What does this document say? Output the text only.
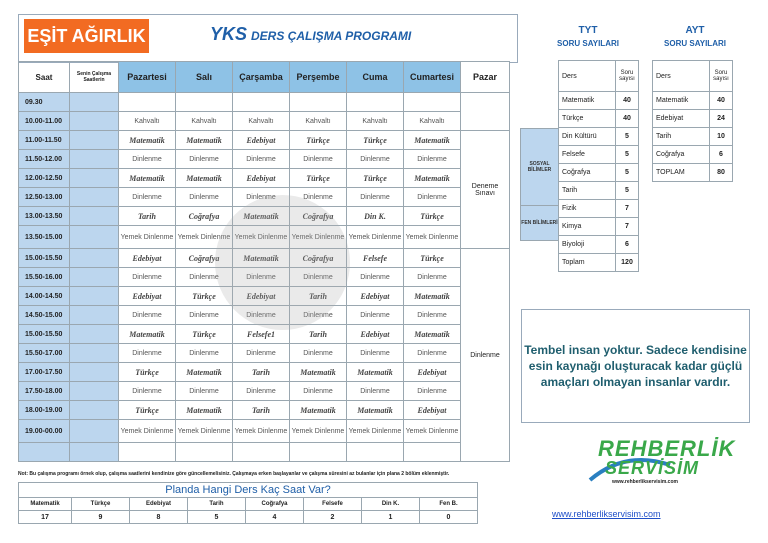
EŞİT AĞIRLIK	YKS DERS ÇALIŞMA PROGRAMI
Saat	Senin Çalışma Saatlerin	Pazartesi	Salı	Çarşamba	Perşembe	Cuma	Cumartesi	Pazar
09.30								
10.00-11.00		Kahvaltı	Kahvaltı	Kahvaltı	Kahvaltı	Kahvaltı	Kahvaltı	
11.00-11.50		Matematik	Matematik	Edebiyat	Türkçe	Türkçe	Matematik	Deneme Sınavı
11.50-12.00		Dinlenme	Dinlenme	Dinlenme	Dinlenme	Dinlenme	Dinlenme	
12.00-12.50		Matematik	Matematik	Edebiyat	Türkçe	Türkçe	Matematik	
12.50-13.00		Dinlenme	Dinlenme	Dinlenme	Dinlenme	Dinlenme	Dinlenme	
13.00-13.50		Tarih	Coğrafya	Matematik	Coğrafya	Din K.	Türkçe	
13.50-15.00		Yemek Dinlenme	Yemek Dinlenme	Yemek Dinlenme	Yemek Dinlenme	Yemek Dinlenme	Yemek Dinlenme	
15.00-15.50		Edebiyat	Coğrafya	Matematik	Coğrafya	Felsefe	Türkçe	Dinlenme
15.50-16.00		Dinlenme	Dinlenme	Dinlenme	Dinlenme	Dinlenme	Dinlenme	
14.00-14.50		Edebiyat	Türkçe	Edebiyat	Tarih	Edebiyat	Matematik	
14.50-15.00		Dinlenme	Dinlenme	Dinlenme	Dinlenme	Dinlenme	Dinlenme	
15.00-15.50		Matematik	Türkçe	Felsefe1	Tarih	Edebiyat	Matematik	
15.50-17.00		Dinlenme	Dinlenme	Dinlenme	Dinlenme	Dinlenme	Dinlenme	
17.00-17.50		Türkçe	Matematik	Tarih	Matematik	Matematik	Edebiyat	
17.50-18.00		Dinlenme	Dinlenme	Dinlenme	Dinlenme	Dinlenme	Dinlenme	
18.00-19.00		Türkçe	Matematik	Tarih	Matematik	Matematik	Edebiyat	
19.00-00.00		Yemek Dinlenme	Yemek Dinlenme	Yemek Dinlenme	Yemek Dinlenme	Yemek Dinlenme	Yemek Dinlenme	

Not: Bu çalışma programı örnek olup, çalışma saatlerini kendinize göre güncellemelisiniz. Çalışmaya erken başlayanlar ve çalışma süresini az bulanlar için plana 2 bölüm eklenmiştir.
Planda Hangi Ders Kaç Saat Var?							
Matematik	Türkçe	Edebiyat	Tarih	Coğrafya	Felsefe	Din K.	Fen B.
17	9	8	5	4	2	1	0
TYT
SORU SAYILARI
AYT
SORU SAYILARI
Ders	Soru sayısı
Matematik	40
Türkçe	40
Din Kültürü	5
Felsefe	5
Coğrafya	5
Tarih	5
Fizik	7
Kimya	7
Biyoloji	6
Toplam	120
SOSYAL BİLİMLER
FEN BİLİMLERİ
Ders	Soru sayısı
Matematik	40
Edebiyat	24
Tarih	10
Coğrafya	6
TOPLAM	80
Tembel insan yoktur. Sadece kendisine esin kaynağı oluşturacak kadar güçlü amaçları olmayan insanlar vardır.
REHBERLİK
SERVİSİM
www.rehberlikservisim.com
www.rehberlikservisim.com
